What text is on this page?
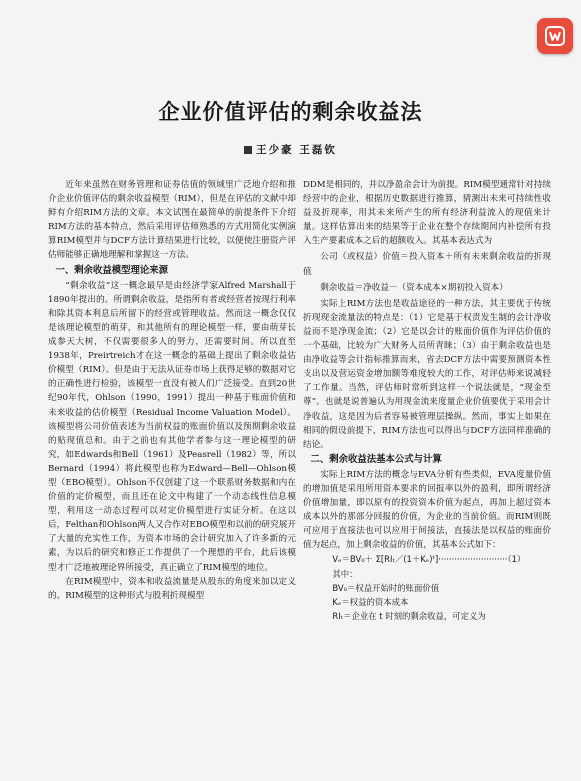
企业价值评估的剩余收益法
王少豪 王磊钦

近年来虽然在财务管理和证券估值的领域里广泛地介绍和推介企业价值评估的剩余收益模型（RIM），但是在评估的文献中却鲜有介绍RIM方法的文章。本文试图在最简单的前提条件下介绍RIM方法的基本特点，然后采用评估师熟悉的方式用简化实例演算RIM模型并与DCF方法计算结果进行比较，以便使注册资产评估师能够正确地理解和掌握这一方法。

一、剩余收益模型理论来源

“剩余收益”这一概念最早是由经济学家Alfred Marshall于1890年提出的。所谓剩余收益，是指所有者或经营者按现行利率和除其资本利息后所留下的经营或管理收益。然而这一概念仅仅是该理论模型的萌芽，和其他所有的理论模型一样，要由萌芽长成参天大树，不仅需要很多人的努力，还需要时间。所以直至1938年，Preirtreich才在这一概念的基础上提出了剩余收益估价模型（RIM）。但是由于无法从证券市场上获得足够的数据对它的正确性进行检验，该模型一直没有被人们广泛接受。直到20世纪90年代，Ohlson（1990，1991）提出一种基于账面价值和未来收益的估价模型（Residual Income Valuation Model）。该模型将公司价值表述为当前权益的账面价值以及预期剩余收益的贴现值总和。由于之前也有其他学者参与这一理论模型的研究，如Edwards和Bell（1961）及Peasrell（1982）等，所以Bernard（1994）将此模型也称为Edward—Bell—Ohlson模型（EBO模型）。Ohlson不仅创建了这一个联系财务数据和内在价值的定价模型，而且还在论文中构建了一个动态线性信息模型，利用这一动态过程可以对定价模型进行实证分析。在这以后，Felthan和Ohlson两人又合作对EBO模型和以前的研究展开了大量的充实性工作，为资本市场的会计研究加入了许多新的元素，为以后的研究和修正工作提供了一个理想的平台，此后该模型才广泛地被理论界所接受，真正确立了RIM模型的地位。

在RIM模型中，资本和收益流量是从股东的角度来加以定义的。RIM模型的这种形式与股利折现模型

DDM是相同的，并以净盈余会计为前提。RIM模型通常针对持续经营中的企业，根据历史数据进行推算，猜测出未来可持续性收益及折现率，用其未来所产生的所有经济利益流入的现值来计量。这样估算出来的结果等于企业在整个存续期间内补偿所有投入生产要素成本之后的超额收入。其基本表达式为

公司（或权益）价值＝投入资本＋所有未来剩余收益的折现值

剩余收益＝净收益－（资本成本×期初投入资本）

实际上RIM方法也是收益途径的一种方法，其主要优于传统折现现金流量法的特点是：（1）它是基于权责发生制的会计净收益而不是净现金流；（2）它是以会计的账面价值作为评估价值的一个基础，比较为广大财务人员所青睐；（3）由于剩余收益也是由净收益等会计指标推算而来，省去DCF方法中需要预测资本性支出以及营运资金增加额等难度较大的工作，对评估师来说减轻了工作量。当然，评估师时常听到这样一个说法就是，“现金至尊”。也就是说普遍认为用现金流来度量企业价值要优于采用会计净收益，这是因为后者容易被管理层操纵。然而，事实上如果在相同的假设前提下，RIM方法也可以得出与DCF方法同样准确的结论。

二、剩余收益法基本公式与计算

实际上RIM方法的概念与EVA分析有些类似，EVA度量价值的增加值是采用所用资本要求的回报率以外的盈利，即所谓经济价值增加量，即以原有的投资资本价值为起点，再加上超过资本成本以外的那部分回报的价值，为企业的当前价值。而RIM则既可应用于直接法也可以应用于间接法，直接法是以权益的账面价值为起点，加上剩余收益的价值，其基本公式如下：

Vₑ＝BV₀＋ Σ[RIₜ／(1＋Kₑ)ᵗ]··························（1）

其中：

BV₀＝权益开始时的账面价值

Kₑ＝权益的资本成本

RIₜ＝企业在 t 时刻的剩余收益，可定义为
